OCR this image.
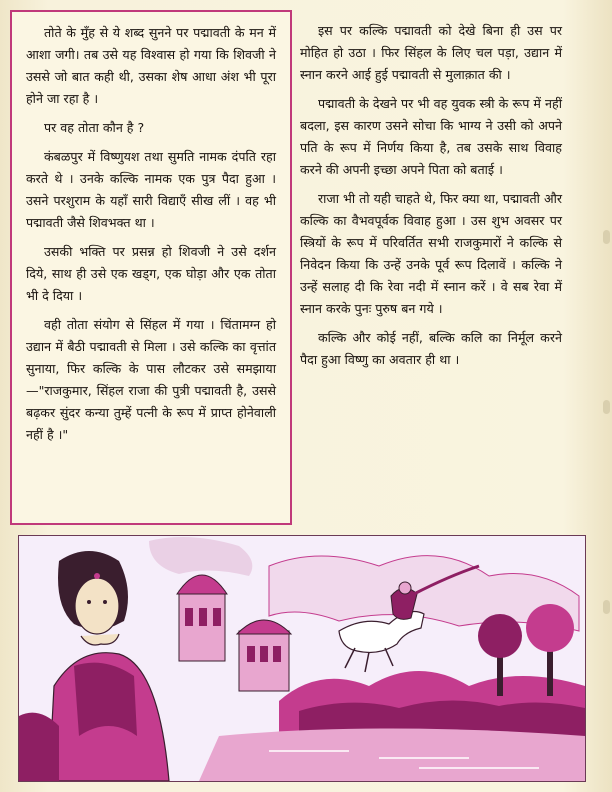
तोते के मुँह से ये शब्द सुनने पर पद्मावती के मन में आशा जगी। तब उसे यह विश्वास हो गया कि शिवजी ने उससे जो बात कही थी, उसका शेष आधा अंश भी पूरा होने जा रहा है ।

पर वह तोता कौन है ?

कंबळपुर में विष्णुयश तथा सुमति नामक दंपति रहा करते थे । उनके कल्कि नामक एक पुत्र पैदा हुआ । उसने परशुराम के यहाँ सारी विद्याएँ सीख लीं । वह भी पद्मावती जैसे शिवभक्त था ।

उसकी भक्ति पर प्रसन्न हो शिवजी ने उसे दर्शन दिये, साथ ही उसे एक खड्ग, एक घोड़ा और एक तोता भी दे दिया ।

वही तोता संयोग से सिंहल में गया । चिंतामग्न हो उद्यान में बैठी पद्मावती से मिला । उसे कल्कि का वृत्तांत सुनाया, फिर कल्कि के पास लौटकर उसे समझाया—"राजकुमार, सिंहल राजा की पुत्री पद्मावती है, उससे बढ़कर सुंदर कन्या तुम्हें पत्नी के रूप में प्राप्त होनेवाली नहीं है ।"

इस पर कल्कि पद्मावती को देखे बिना ही उस पर मोहित हो उठा । फिर सिंहल के लिए चल पड़ा, उद्यान में स्नान करने आई हुई पद्मावती से मुलाक़ात की ।

पद्मावती के देखने पर भी वह युवक स्त्री के रूप में नहीं बदला, इस कारण उसने सोचा कि भाग्य ने उसी को अपने पति के रूप में निर्णय किया है, तब उसके साथ विवाह करने की अपनी इच्छा अपने पिता को बताई ।

राजा भी तो यही चाहते थे, फिर क्या था, पद्मावती और कल्कि का वैभवपूर्वक विवाह हुआ । उस शुभ अवसर पर स्त्रियों के रूप में परिवर्तित सभी राजकुमारों ने कल्कि से निवेदन किया कि उन्हें उनके पूर्व रूप दिलावें । कल्कि ने उन्हें सलाह दी कि रेवा नदी में स्नान करें । वे सब रेवा में स्नान करके पुनः पुरुष बन गये ।

कल्कि और कोई नहीं, बल्कि कलि का निर्मूल करने पैदा हुआ विष्णु का अवतार ही था ।
